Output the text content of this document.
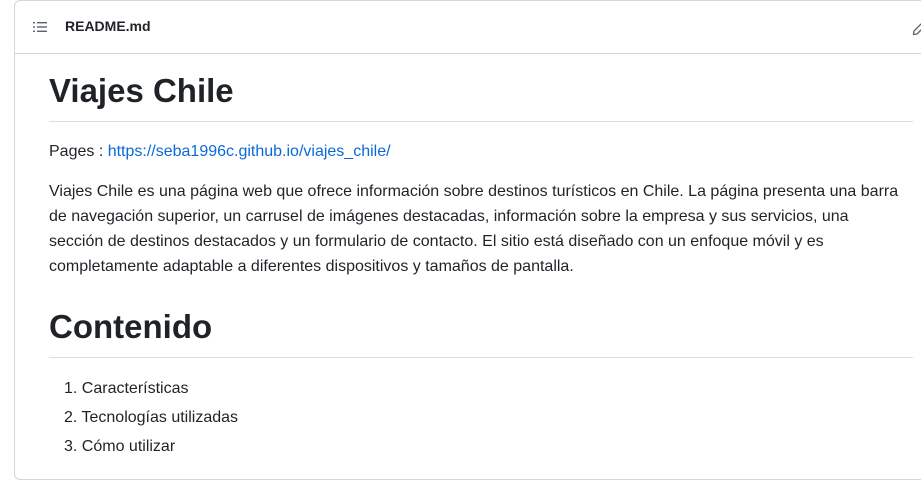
README.md
Viajes Chile

Pages : https://seba1996c.github.io/viajes_chile/

Viajes Chile es una página web que ofrece información sobre destinos turísticos en Chile. La página presenta una barra de navegación superior, un carrusel de imágenes destacadas, información sobre la empresa y sus servicios, una sección de destinos destacados y un formulario de contacto. El sitio está diseñado con un enfoque móvil y es completamente adaptable a diferentes dispositivos y tamaños de pantalla.

Contenido
1. Características
2. Tecnologías utilizadas
3. Cómo utilizar
